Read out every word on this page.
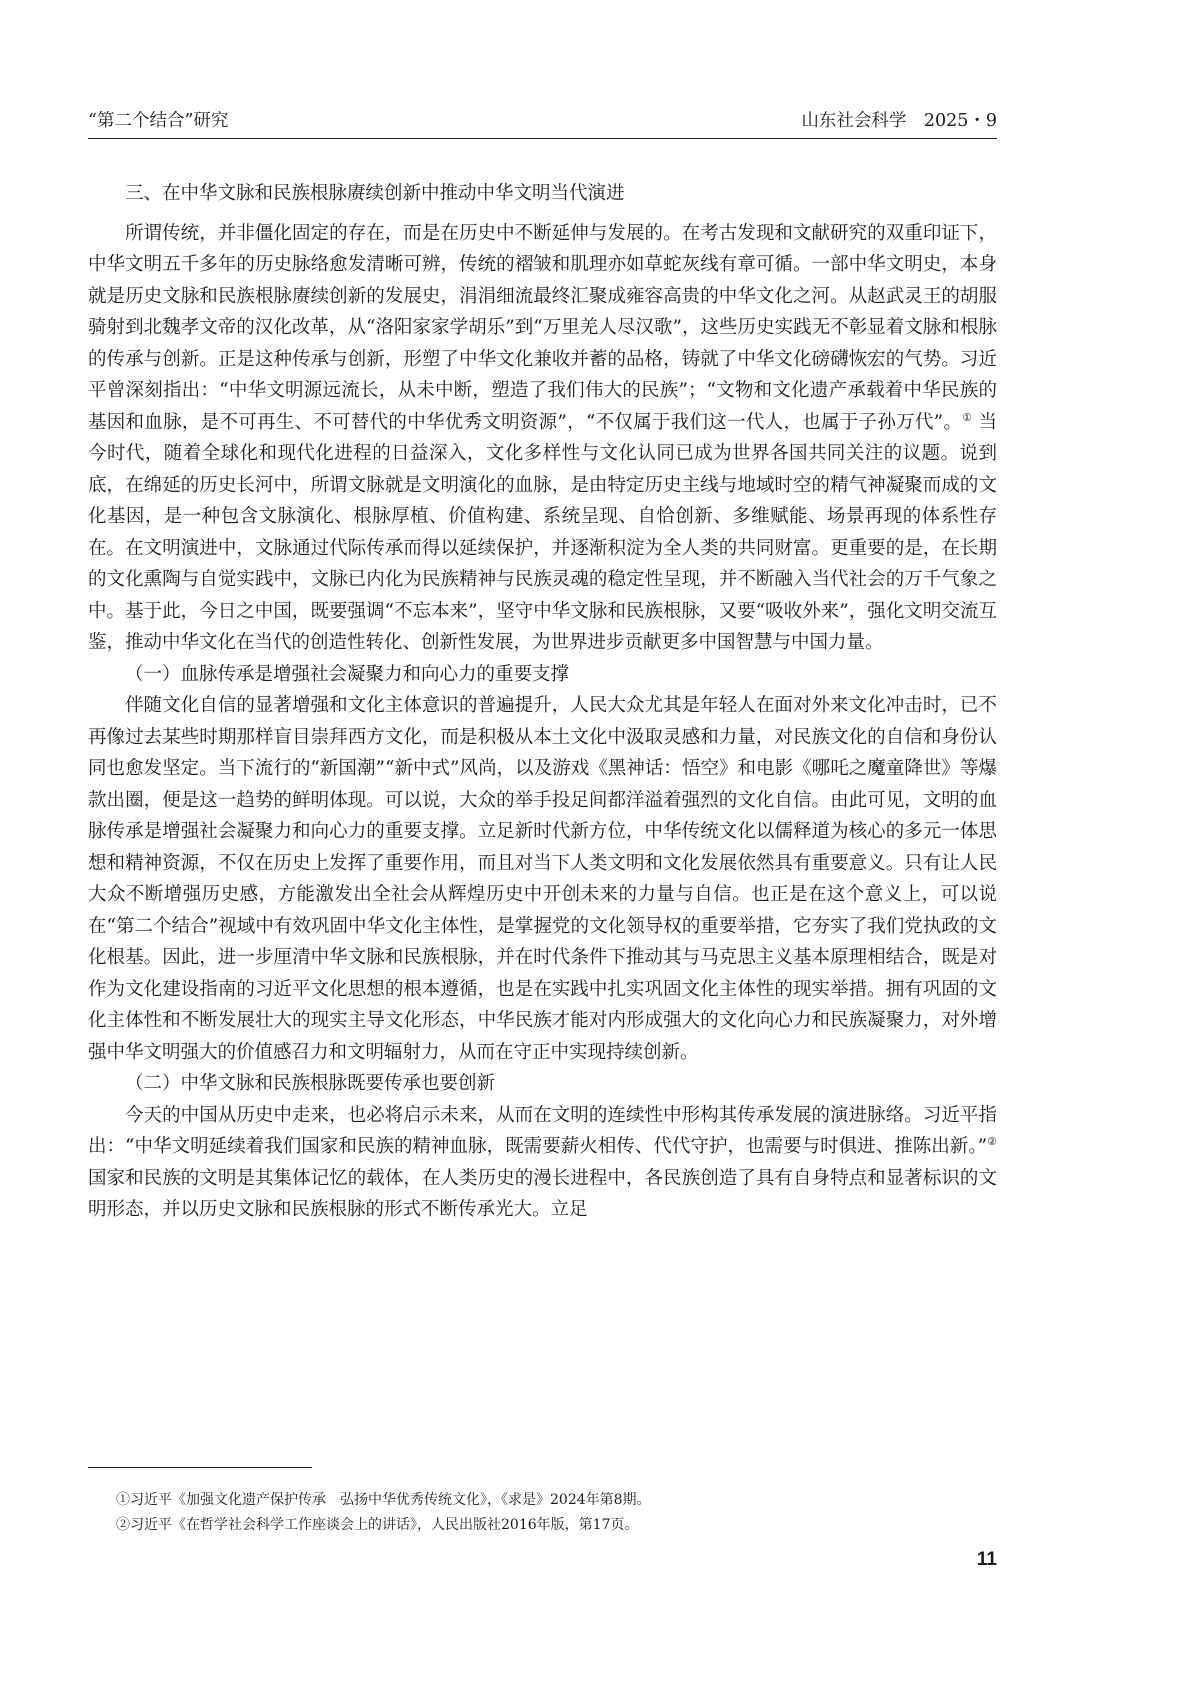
“第二个结合”研究	山东社会科学　2025・9
三、在中华文脉和民族根脉赓续创新中推动中华文明当代演进

所谓传统，并非僵化固定的存在，而是在历史中不断延伸与发展的。在考古发现和文献研究的双重印证下，中华文明五千多年的历史脉络愈发清晰可辨，传统的褶皱和肌理亦如草蛇灰线有章可循。一部中华文明史，本身就是历史文脉和民族根脉赓续创新的发展史，涓涓细流最终汇聚成雍容高贵的中华文化之河。从赵武灵王的胡服骑射到北魏孝文帝的汉化改革，从“洛阳家家学胡乐”到“万里羌人尽汉歌”，这些历史实践无不彰显着文脉和根脉的传承与创新。正是这种传承与创新，形塑了中华文化兼收并蓄的品格，铸就了中华文化磅礴恢宏的气势。习近平曾深刻指出：“中华文明源远流长，从未中断，塑造了我们伟大的民族”；“文物和文化遗产承载着中华民族的基因和血脉，是不可再生、不可替代的中华优秀文明资源”，“不仅属于我们这一代人，也属于子孙万代”。① 当今时代，随着全球化和现代化进程的日益深入，文化多样性与文化认同已成为世界各国共同关注的议题。说到底，在绵延的历史长河中，所谓文脉就是文明演化的血脉，是由特定历史主线与地域时空的精气神凝聚而成的文化基因，是一种包含文脉演化、根脉厚植、价值构建、系统呈现、自恰创新、多维赋能、场景再现的体系性存在。在文明演进中，文脉通过代际传承而得以延续保护，并逐渐积淀为全人类的共同财富。更重要的是，在长期的文化熏陶与自觉实践中，文脉已内化为民族精神与民族灵魂的稳定性呈现，并不断融入当代社会的万千气象之中。基于此，今日之中国，既要强调“不忘本来”，坚守中华文脉和民族根脉，又要“吸收外来”，强化文明交流互鉴，推动中华文化在当代的创造性转化、创新性发展，为世界进步贡献更多中国智慧与中国力量。

（一）血脉传承是增强社会凝聚力和向心力的重要支撑

伴随文化自信的显著增强和文化主体意识的普遍提升，人民大众尤其是年轻人在面对外来文化冲击时，已不再像过去某些时期那样盲目崇拜西方文化，而是积极从本土文化中汲取灵感和力量，对民族文化的自信和身份认同也愈发坚定。当下流行的“新国潮”“新中式”风尚，以及游戏《黑神话：悟空》和电影《哪吒之魔童降世》等爆款出圈，便是这一趋势的鲜明体现。可以说，大众的举手投足间都洋溢着强烈的文化自信。由此可见，文明的血脉传承是增强社会凝聚力和向心力的重要支撑。立足新时代新方位，中华传统文化以儒释道为核心的多元一体思想和精神资源，不仅在历史上发挥了重要作用，而且对当下人类文明和文化发展依然具有重要意义。只有让人民大众不断增强历史感，方能激发出全社会从辉煌历史中开创未来的力量与自信。也正是在这个意义上，可以说在“第二个结合”视域中有效巩固中华文化主体性，是掌握党的文化领导权的重要举措，它夯实了我们党执政的文化根基。因此，进一步厘清中华文脉和民族根脉，并在时代条件下推动其与马克思主义基本原理相结合，既是对作为文化建设指南的习近平文化思想的根本遵循，也是在实践中扎实巩固文化主体性的现实举措。拥有巩固的文化主体性和不断发展壮大的现实主导文化形态，中华民族才能对内形成强大的文化向心力和民族凝聚力，对外增强中华文明强大的价值感召力和文明辐射力，从而在守正中实现持续创新。

（二）中华文脉和民族根脉既要传承也要创新

今天的中国从历史中走来，也必将启示未来，从而在文明的连续性中形构其传承发展的演进脉络。习近平指出：“中华文明延续着我们国家和民族的精神血脉，既需要薪火相传、代代守护，也需要与时俱进、推陈出新。”②国家和民族的文明是其集体记忆的载体，在人类历史的漫长进程中，各民族创造了具有自身特点和显著标识的文明形态，并以历史文脉和民族根脉的形式不断传承光大。立足

①习近平《加强文化遗产保护传承　弘扬中华优秀传统文化》，《求是》2024年第8期。
②习近平《在哲学社会科学工作座谈会上的讲话》，人民出版社2016年版，第17页。
11
